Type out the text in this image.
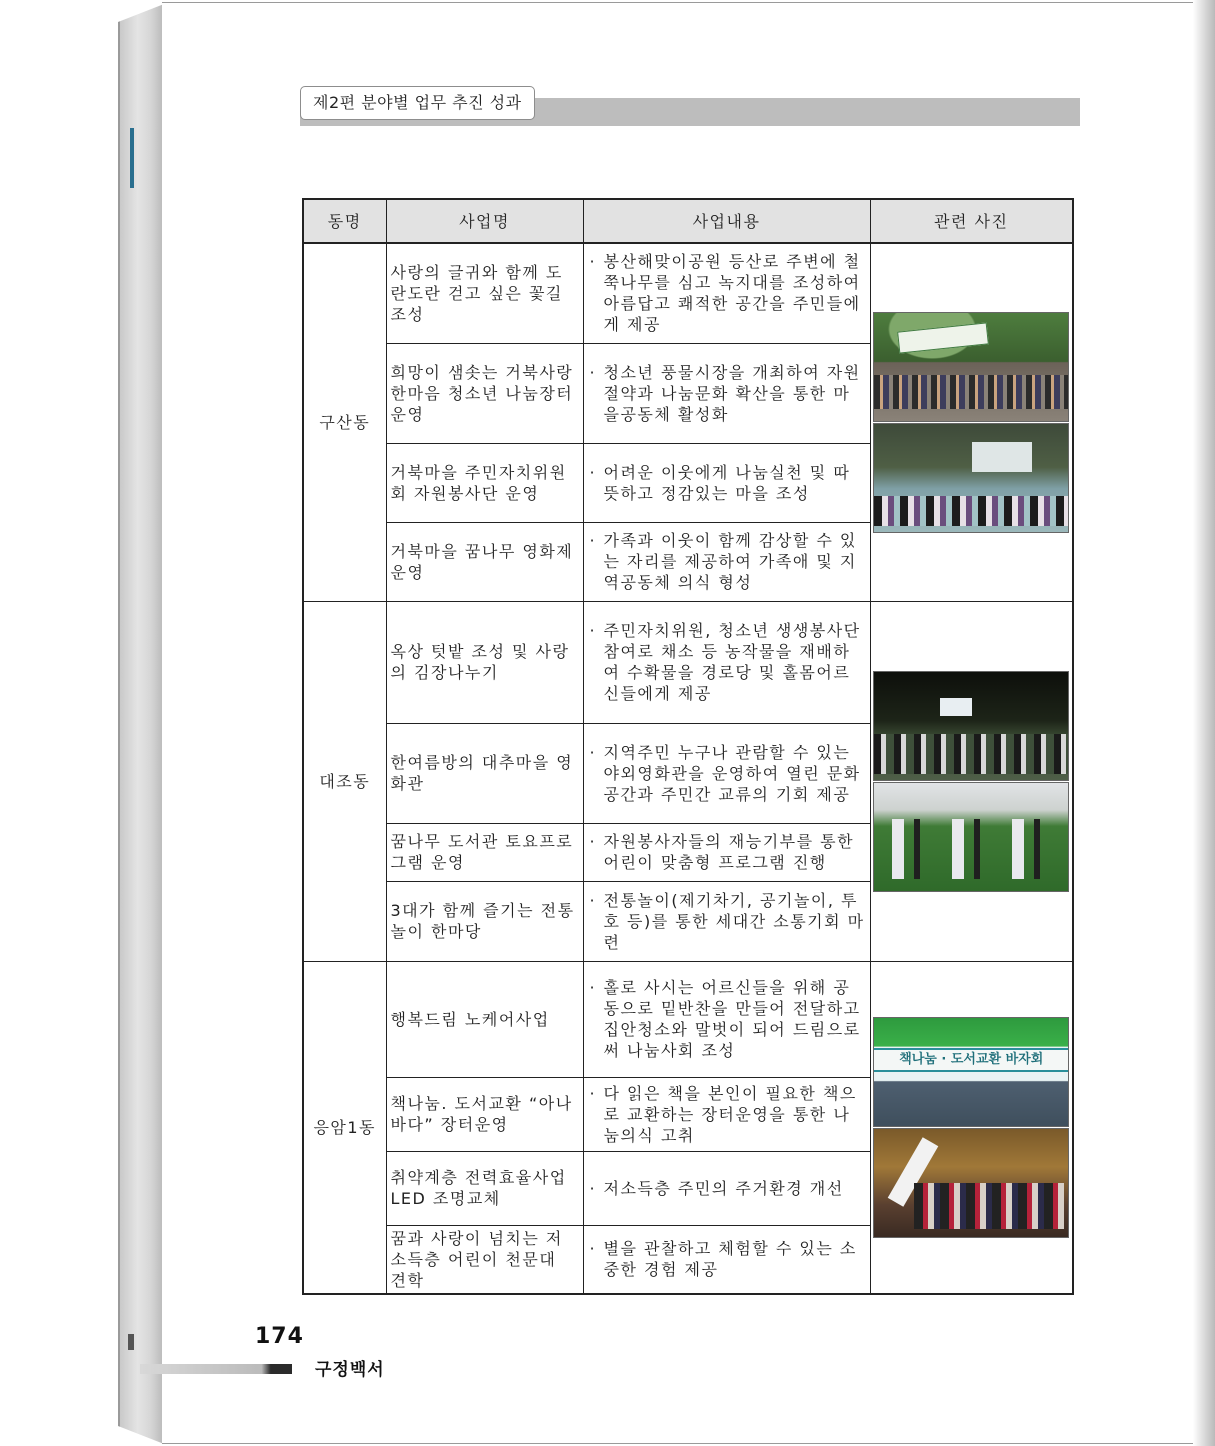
제2편 분야별 업무 추진 성과
동명	사업명	사업내용	관련 사진
구산동	사랑의 글귀와 함께 도란도란 걷고 싶은 꽃길 조성	· 봉산해맞이공원 등산로 주변에 철쭉나무를 심고 녹지대를 조성하여 아름답고 쾌적한 공간을 주민들에게 제공	

	희망이 샘솟는 거북사랑 한마음 청소년 나눔장터 운영	· 청소년 풍물시장을 개최하여 자원절약과 나눔문화 확산을 통한 마을공동체 활성화	

	거북마을 주민자치위원회 자원봉사단 운영	· 어려운 이웃에게 나눔실천 및 따뜻하고 정감있는 마을 조성	

	거북마을 꿈나무 영화제 운영	· 가족과 이웃이 함께 감상할 수 있는 자리를 제공하여 가족애 및 지역공동체 의식 형성	

대조동	옥상 텃밭 조성 및 사랑의 김장나누기	· 주민자치위원, 청소년 생생봉사단 참여로 채소 등 농작물을 재배하여 수확물을 경로당 및 홀몸어르신들에게 제공	

	한여름방의 대추마을 영화관	· 지역주민 누구나 관람할 수 있는 야외영화관을 운영하여 열린 문화공간과 주민간 교류의 기회 제공	

	꿈나무 도서관 토요프로그램 운영	· 자원봉사자들의 재능기부를 통한 어린이 맞춤형 프로그램 진행	

	3대가 함께 즐기는 전통놀이 한마당	· 전통놀이(제기차기, 공기놀이, 투호 등)를 통한 세대간 소통기회 마련	

응암1동	행복드림 노케어사업	· 홀로 사시는 어르신들을 위해 공동으로 밑반찬을 만들어 전달하고 집안청소와 말벗이 되어 드림으로써 나눔사회 조성	책나눔 · 도서교환 바자회

	책나눔. 도서교환 “아나바다” 장터운영	· 다 읽은 책을 본인이 필요한 책으로 교환하는 장터운영을 통한 나눔의식 고취	

	취약계층 전력효율사업 LED 조명교체	· 저소득층 주민의 주거환경 개선	

	꿈과 사랑이 넘치는 저소득층 어린이 천문대 견학	· 별을 관찰하고 체험할 수 있는 소중한 경험 제공	
174
구정백서
